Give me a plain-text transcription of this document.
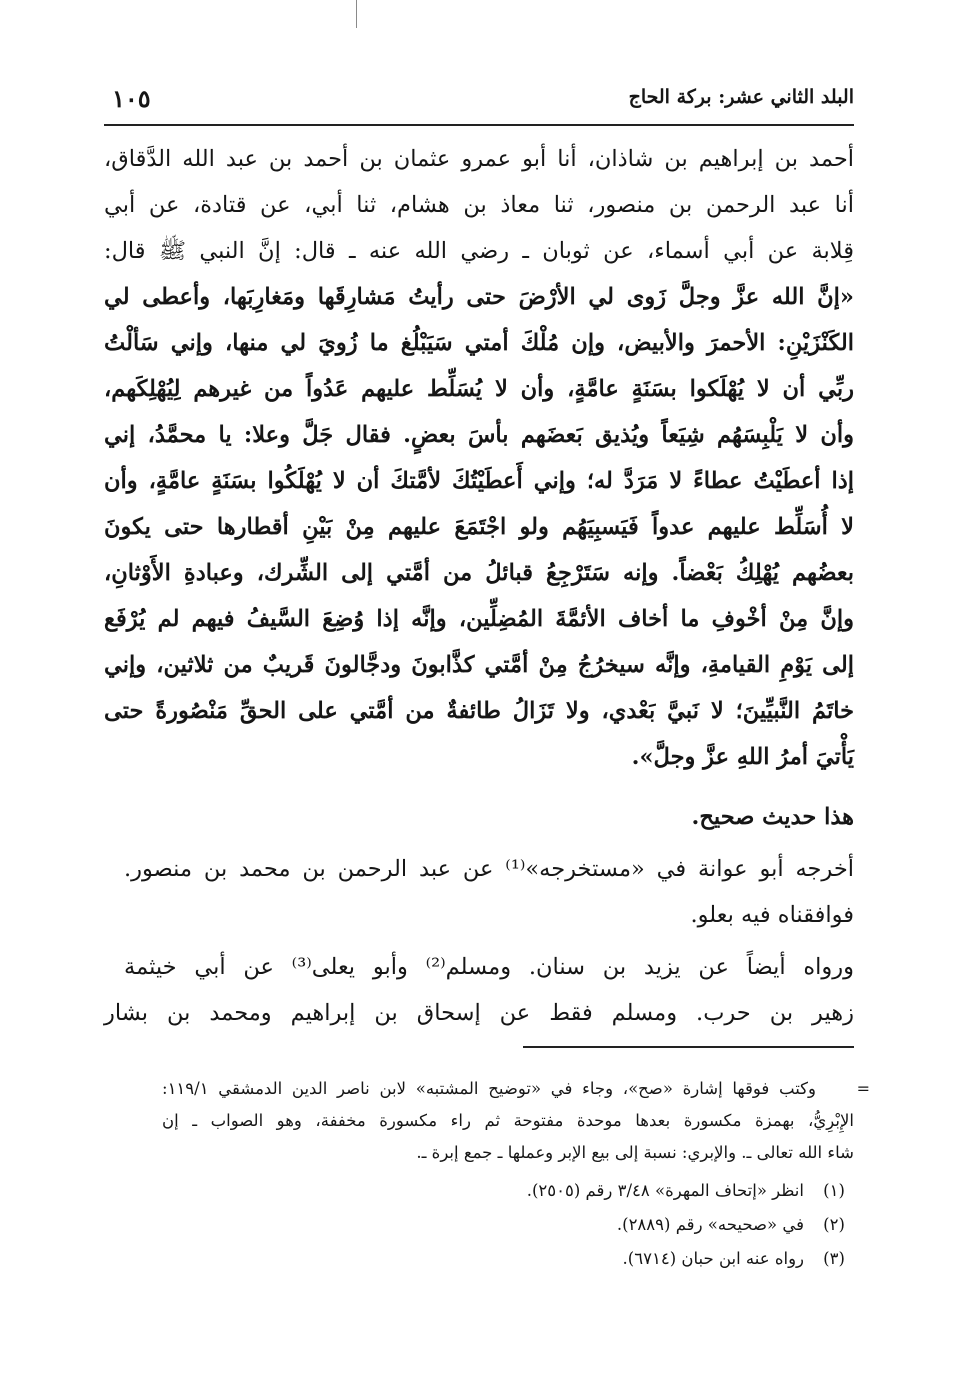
البلد الثاني عشر: بركة الحاج
١٠٥
أحمد بن إبراهيم بن شاذان، أنا أبو عمرو عثمان بن أحمد بن عبد الله الدَّقاق،
أنا عبد الرحمن بن منصور، ثنا معاذ بن هشام، ثنا أبي، عن قتادة، عن أبي
قِلابة عن أبي أسماء، عن ثوبان ـ رضي الله عنه ـ قال: إنَّ النبي ﷺ قال:
«إنَّ الله عزَّ وجلَّ زَوى لي الأرْضَ حتى رأيتُ مَشارِقَها ومَغارِبَها، وأعطى لي
الكَنْزَيْنِ: الأحمرَ والأبيض، وإن مُلْكَ أمتي سَيَبْلُغ ما زُويَ لي منها، وإني سَألْتُ
ربِّي أن لا يُهْلَكوا بسَنَةٍ عامَّةٍ، وأن لا يُسَلِّط عليهم عَدُواً من غيرهم لِيُهْلِكَهم،
وأن لا يَلْبِسَهُم شِيَعاً ويُذيق بَعضَهم بأسَ بعضٍ. فقال جَلَّ وعلا: يا محمَّدُ، إني
إذا أعطَيْتُ عطاءً لا مَرَدَّ له؛ وإني أَعطَيْتُكَ لأمَّتكَ أن لا يُهْلَكُوا بسَنَةٍ عامَّةٍ، وأن
لا أُسَلِّط عليهم عدواً فَيَسبِيَهُم ولو اجْتَمَعَ عليهم مِنْ بَيْنِ أقطارها حتى يكونَ
بعضُهم يُهْلِكُ بَعْضاً. وإنه سَتَرْجِعُ قبائلُ من أمَّتي إلى الشِّرك، وعبادةِ الأَوْثانِ،
وإنَّ مِنْ أخْوفِ ما أخاف الأئمَّةَ المُضِلِّين، وإنَّه إذا وُضِعَ السَّيفُ فيهم لم يُرْفَع
إلى يَوْمِ القيامةِ، وإنَّه سيخرُجُ مِنْ أمَّتي كذَّابونَ ودجَّالونَ قَريبٌ من ثلاثين، وإني
خاتَمُ النَّبيِّينَ؛ لا نَبيَّ بَعْدي، ولا تَزَالُ طائفةٌ من أمَّتي على الحقِّ مَنْصُورةً حتى
يَأْتيَ أمرُ اللهِ عزَّ وجلَّ».
هذا حديث صحيح.
أخرجه أبو عوانة في «مستخرجه»⁽¹⁾ عن عبد الرحمن بن محمد بن منصور.
فوافقناه فيه بعلو.
ورواه أيضاً عن يزيد بن سنان. ومسلم⁽²⁾ وأبو يعلى⁽³⁾ عن أبي خيثمة
زهير بن حرب. ومسلم فقط عن إسحاق بن إبراهيم ومحمد بن بشار
=
وكتب فوقها إشارة «صح»، وجاء في «توضيح المشتبه» لابن ناصر الدين الدمشقي ١١٩/١:
الإِبْرِيُّ، بهمزة مكسورة بعدها موحدة مفتوحة ثم راء مكسورة مخففة، وهو الصواب ـ إن
شاء الله تعالى ـ. والإبري: نسبة إلى بيع الإبر وعملها ـ جمع إبرة ـ.
(١)انظر «إتحاف المهرة» ٣/٤٨ رقم (٢٥٠٥).
(٢)في «صحيحه» رقم (٢٨٨٩).
(٣)رواه عنه ابن حبان (٦٧١٤).
